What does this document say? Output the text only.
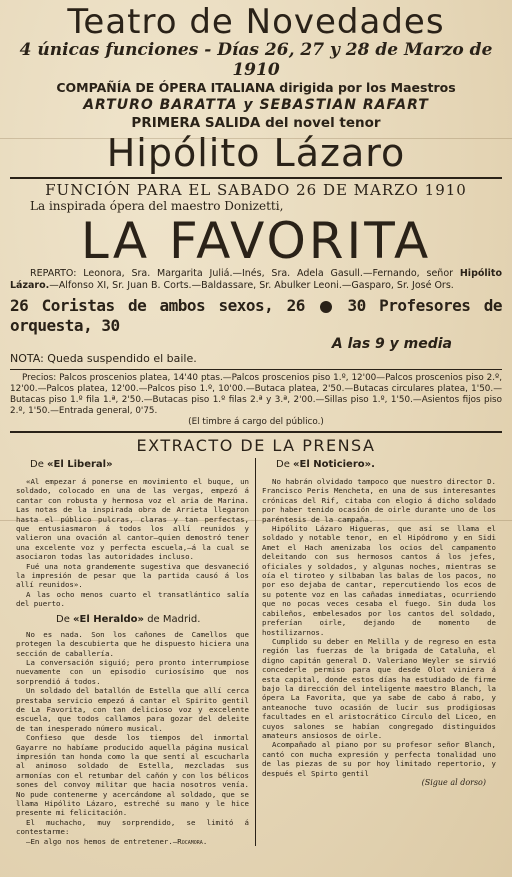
Teatro de Novedades
4 únicas funciones - Días 26, 27 y 28 de Marzo de 1910
COMPAÑÍA DE ÓPERA ITALIANA dirigida por los Maestros
ARTURO BARATTA y SEBASTIAN RAFART
PRIMERA SALIDA del novel tenor
Hipólito Lázaro
FUNCIÓN PARA EL SABADO 26 DE MARZO 1910
La inspirada ópera del maestro Donizetti,
LA FAVORITA
REPARTO: Leonora, Sra. Margarita Juliá.—Inés, Sra. Adela Gasull.—Fernando, señor Hipólito Lázaro.—Alfonso XI, Sr. Juan B. Corts.—Baldassare, Sr. Abulker Leoni.—Gasparo, Sr. José Ors.
26 Coristas de ambos sexos, 26	30 Profesores de orquesta, 30
A las 9 y media
NOTA: Queda suspendido el baile.
Precios: Palcos proscenios platea, 14'40 ptas.—Palcos proscenios piso 1.º, 12'00—Palcos proscenios piso 2.º, 12'00.—Palcos platea, 12'00.—Palcos piso 1.º, 10'00.—Butaca platea, 2'50.—Butacas circulares platea, 1'50.—Butacas piso 1.º fila 1.ª, 2'50.—Butacas piso 1.º filas 2.ª y 3.ª, 2'00.—Sillas piso 1.º, 1'50.—Asientos fijos piso 2.º, 1'50.—Entrada general, 0'75.
(El timbre á cargo del público.)
EXTRACTO DE LA PRENSA
De «El Liberal»

«Al empezar á ponerse en movimiento el buque, un soldado, colocado en una de las vergas, empezó á cantar con robusta y hermosa voz el aria de Marina. Las notas de la inspirada obra de Arrieta llegaron hasta el público pulcras, claras y tan perfectas, que entusiasmaron á todos los allí reunidos y valieron una ovación al cantor—quien demostró tener una excelente voz y perfecta escuela,—á la cual se asociaron todas las autoridades incluso.

Fué una nota grandemente sugestiva que desvaneció la impresión de pesar que la partida causó á los allí reunidos».

A las ocho menos cuarto el transatlántico salía del puerto.

De «El Heraldo» de Madrid.

No es nada. Son los cañones de Camellos que protegen la descubierta que he dispuesto hiciera una sección de caballería.

La conversación siguió; pero pronto interrumpiose nuevamente con un episodio curiosísimo que nos sorprendió á todos.

Un soldado del batallón de Estella que allí cerca prestaba servicio empezó á cantar el Spirito gentil de La Favorita, con tan delicioso voz y excelente escuela, que todos callamos para gozar del deleite de tan inesperado número musical.

Confieso que desde los tiempos del inmortal Gayarre no habíame producido aquella página musical impresión tan honda como la que sentí al escucharla al animoso soldado de Estella, mezcladas sus armonías con el retumbar del cañón y con los bélicos sones del convoy militar que hacia nosotros venía. No pude contenerme y acercándome al soldado, que se llama Hipólito Lázaro, estreché su mano y le hice presente mi felicitación.

El muchacho, muy sorprendido, se limitó á contestarme:

—En algo nos hemos de entretener.—Rocamora.
De «El Noticiero».

No habrán olvidado tampoco que nuestro director D. Francisco Peris Mencheta, en una de sus interesantes crónicas del Rif, citaba con elogio á dicho soldado por haber tenido ocasión de oirle durante uno de los paréntesis de la campaña.

Hipólito Lázaro Higueras, que así se llama el soldado y notable tenor, en el Hipódromo y en Sidi Amet el Hach amenizaba los ocios del campamento deleitando con sus hermosos cantos á los jefes, oficiales y soldados, y algunas noches, mientras se oía el tiroteo y silbaban las balas de los pacos, no por eso dejaba de cantar, repercutiendo los ecos de su potente voz en las cañadas inmediatas, ocurriendo que no pocas veces cesaba el fuego. Sin duda los cabileños, embelesados por los cantos del soldado, preferían oirle, dejando de momento de hostilizarnos.

Cumplido su deber en Melilla y de regreso en esta región las fuerzas de la brigada de Cataluña, el digno capitán general D. Valeriano Weyler se sirvió concederle permiso para que desde Olot viniera á esta capital, donde estos días ha estudiado de firme bajo la dirección del inteligente maestro Blanch, la ópera La Favorita, que ya sabe de cabo á rabo, y anteanoche tuvo ocasión de lucir sus prodigiosas facultades en el aristocrático Círculo del Liceo, en cuyos salones se habían congregado distinguidos amateurs ansiosos de oirle.

Acompañado al piano por su profesor señor Blanch, cantó con mucha expresión y perfecta tonalidad uno de las piezas de su por hoy limitado repertorio, y después el Spirto gentil

(Sigue al dorso)
